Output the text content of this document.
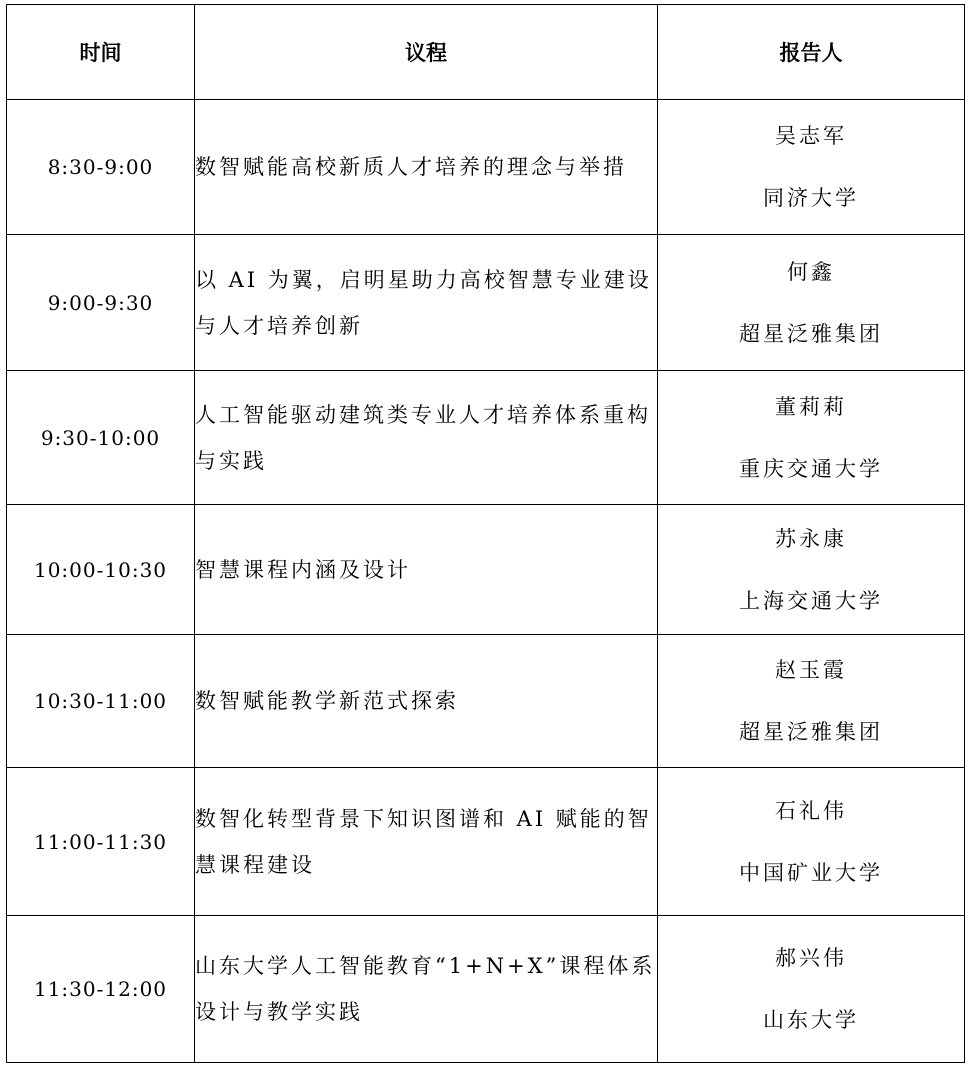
时间	议程	报告人
8:30-9:00	数智赋能高校新质人才培养的理念与举措	吴志军
同济大学

9:00-9:30	以 AI 为翼，启明星助力高校智慧专业建设与人才培养创新	何鑫
超星泛雅集团

9:30-10:00	人工智能驱动建筑类专业人才培养体系重构与实践	董莉莉
重庆交通大学

10:00-10:30	智慧课程内涵及设计	苏永康
上海交通大学

10:30-11:00	数智赋能教学新范式探索	赵玉霞
超星泛雅集团

11:00-11:30	数智化转型背景下知识图谱和 AI 赋能的智慧课程建设	石礼伟
中国矿业大学

11:30-12:00	山东大学人工智能教育“1+N+X”课程体系设计与教学实践	郝兴伟
山东大学
